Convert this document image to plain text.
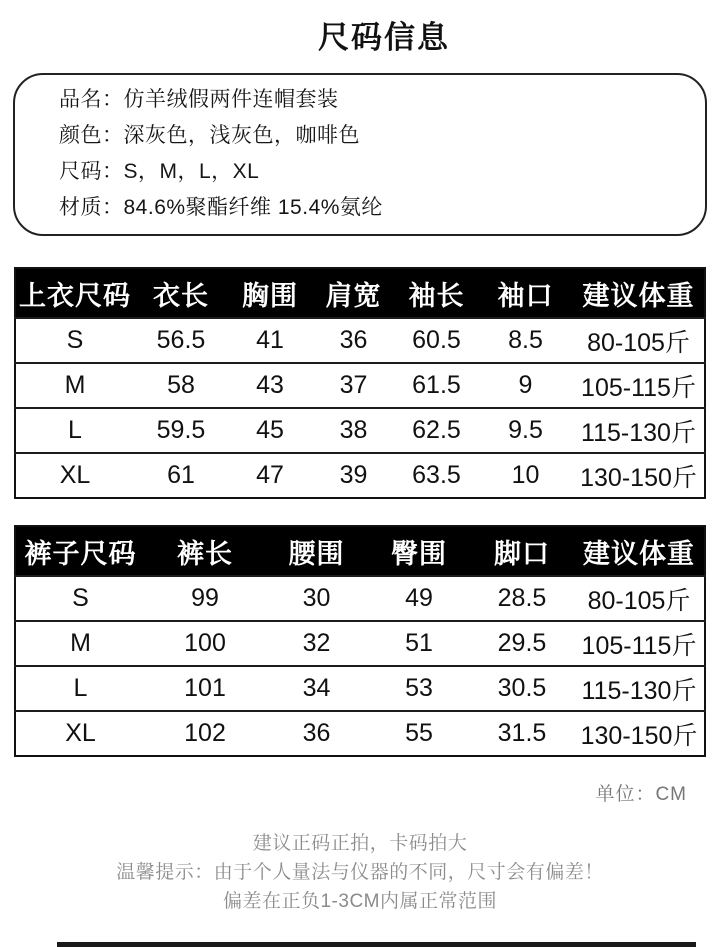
尺码信息
品名：仿羊绒假两件连帽套装
颜色：深灰色，浅灰色，咖啡色
尺码：S，M，L，XL
材质：84.6%聚酯纤维 15.4%氨纶
上衣尺码	衣长	胸围	肩宽	袖长	袖口	建议体重
S	56.5	41	36	60.5	8.5	80-105斤
M	58	43	37	61.5	9	105-115斤
L	59.5	45	38	62.5	9.5	115-130斤
XL	61	47	39	63.5	10	130-150斤
裤子尺码	裤长	腰围	臀围	脚口	建议体重
S	99	30	49	28.5	80-105斤
M	100	32	51	29.5	105-115斤
L	101	34	53	30.5	115-130斤
XL	102	36	55	31.5	130-150斤
单位：CM
建议正码正拍，卡码拍大
温馨提示：由于个人量法与仪器的不同，尺寸会有偏差！
偏差在正负1-3CM内属正常范围
